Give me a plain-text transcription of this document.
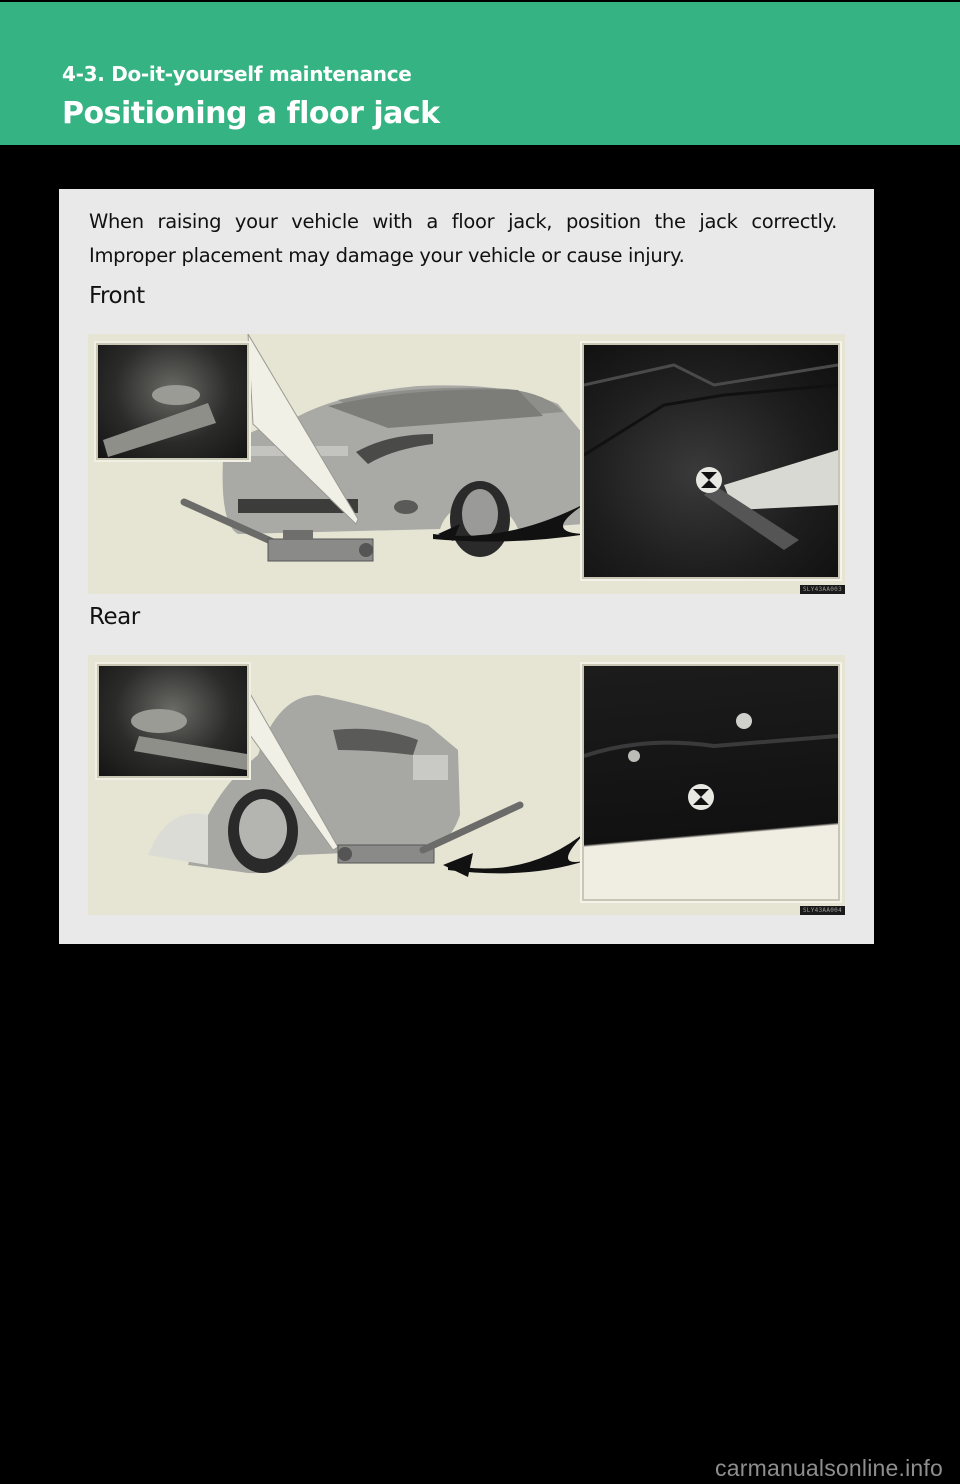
4-3. Do-it-yourself maintenance
Positioning a floor jack
When raising your vehicle with a floor jack, position the jack correctly. Improper placement may damage your vehicle or cause injury.
Front
SLY43AA003
Rear
SLY43AA004
carmanualsonline.info
